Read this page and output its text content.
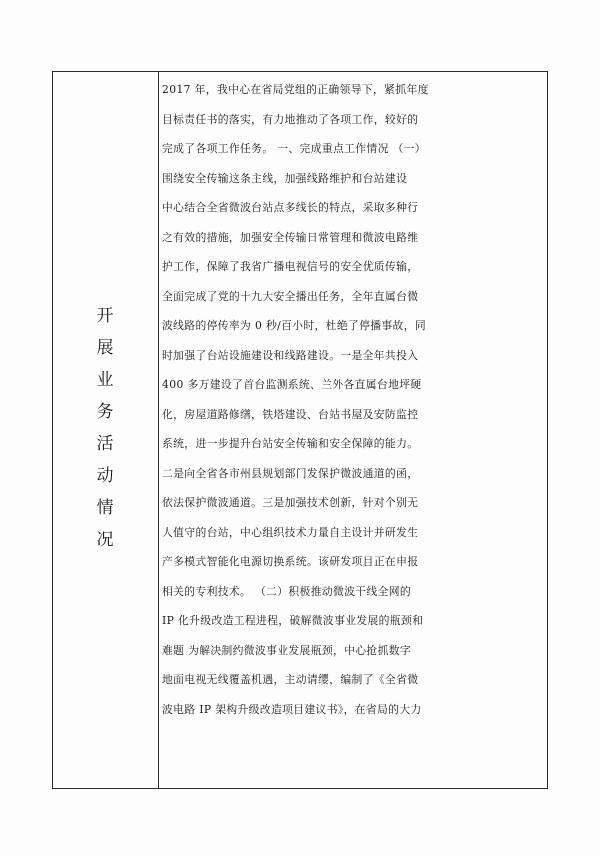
开
展
业
务
活
动
情
况
2017 年，我中心在省局党组的正确领导下，紧抓年度
目标责任书的落实，有力地推动了各项工作，较好的
完成了各项工作任务。 一、完成重点工作情况 （一）
围绕安全传输这条主线，加强线路维护和台站建设
中心结合全省微波台站点多线长的特点，采取多种行
之有效的措施，加强安全传输日常管理和微波电路维
护工作，保障了我省广播电视信号的安全优质传输，
全面完成了党的十九大安全播出任务，全年直属台微
波线路的停传率为 0 秒/百小时，杜绝了停播事故，同
时加强了台站设施建设和线路建设。一是全年共投入
400 多万建设了首台监测系统、兰外各直属台地坪硬
化，房屋道路修缮，铁塔建设、台站书屋及安防监控
系统，进一步提升台站安全传输和安全保障的能力。
二是向全省各市州县规划部门发保护微波通道的函，
依法保护微波通道。三是加强技术创新，针对个别无
人值守的台站，中心组织技术力量自主设计并研发生
产多模式智能化电源切换系统。该研发项目正在申报
相关的专利技术。 （二）积极推动微波干线全网的
IP 化升级改造工程进程，破解微波事业发展的瓶颈和
难题 为解决制约微波事业发展瓶颈，中心抢抓数字
地面电视无线覆盖机遇，主动请缨，编制了《全省微
波电路 IP 架构升级改造项目建议书》，在省局的大力
